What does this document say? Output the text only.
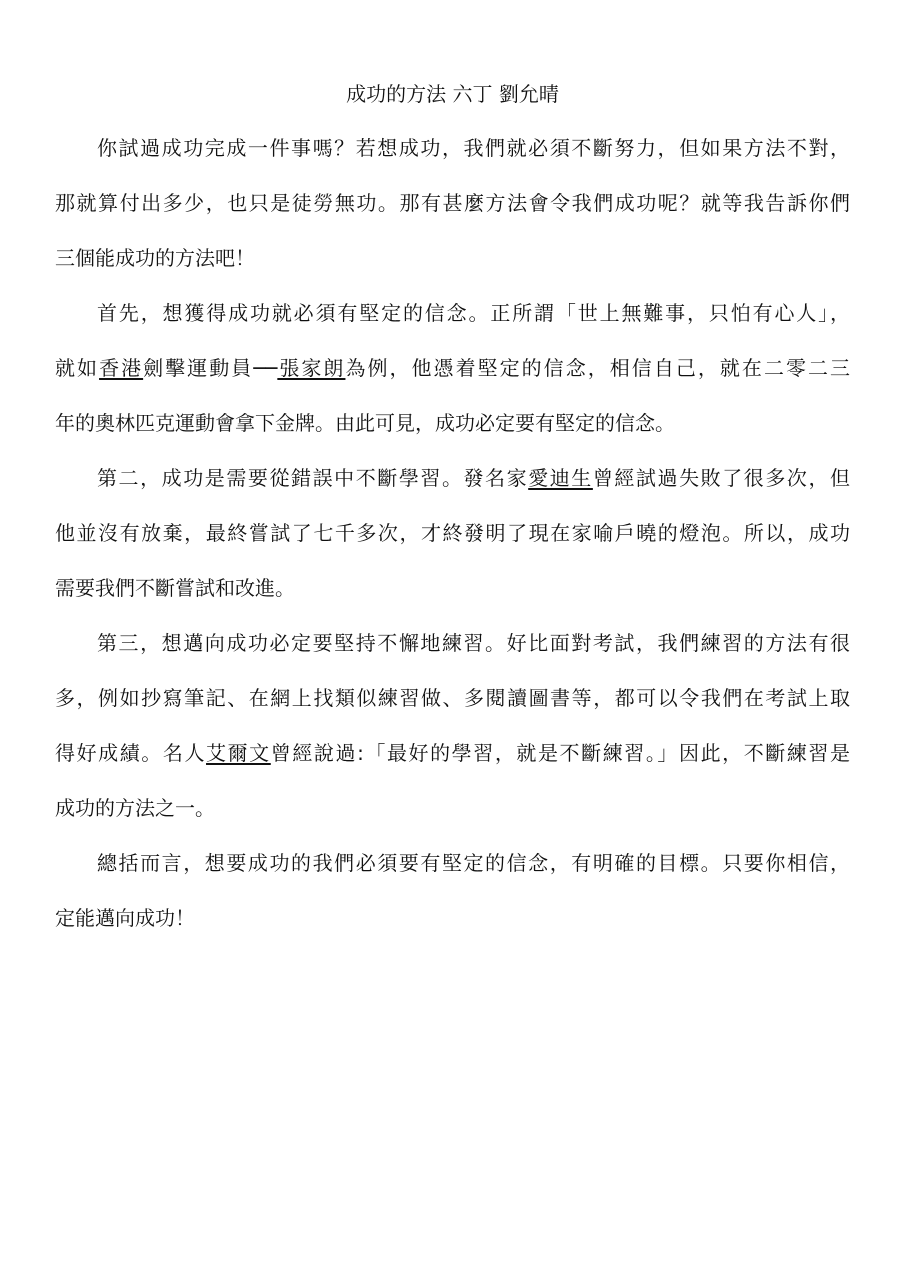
成功的方法 六丁 劉允晴
你試過成功完成一件事嗎？若想成功，我們就必須不斷努力，但如果方法不對，
那就算付出多少，也只是徒勞無功。那有甚麼方法會令我們成功呢？就等我告訴你們
三個能成功的方法吧！
首先，想獲得成功就必須有堅定的信念。正所謂「世上無難事，只怕有心人」，
就如香港劍擊運動員──張家朗為例，他憑着堅定的信念，相信自己，就在二零二三
年的奧林匹克運動會拿下金牌。由此可見，成功必定要有堅定的信念。
第二，成功是需要從錯誤中不斷學習。發名家愛迪生曾經試過失敗了很多次，但
他並沒有放棄，最終嘗試了七千多次，才終發明了現在家喻戶曉的燈泡。所以，成功
需要我們不斷嘗試和改進。
第三，想邁向成功必定要堅持不懈地練習。好比面對考試，我們練習的方法有很
多，例如抄寫筆記、在網上找類似練習做、多閱讀圖書等，都可以令我們在考試上取
得好成績。名人艾爾文曾經說過:「最好的學習，就是不斷練習。」因此，不斷練習是
成功的方法之一。
總括而言，想要成功的我們必須要有堅定的信念，有明確的目標。只要你相信，
定能邁向成功！
